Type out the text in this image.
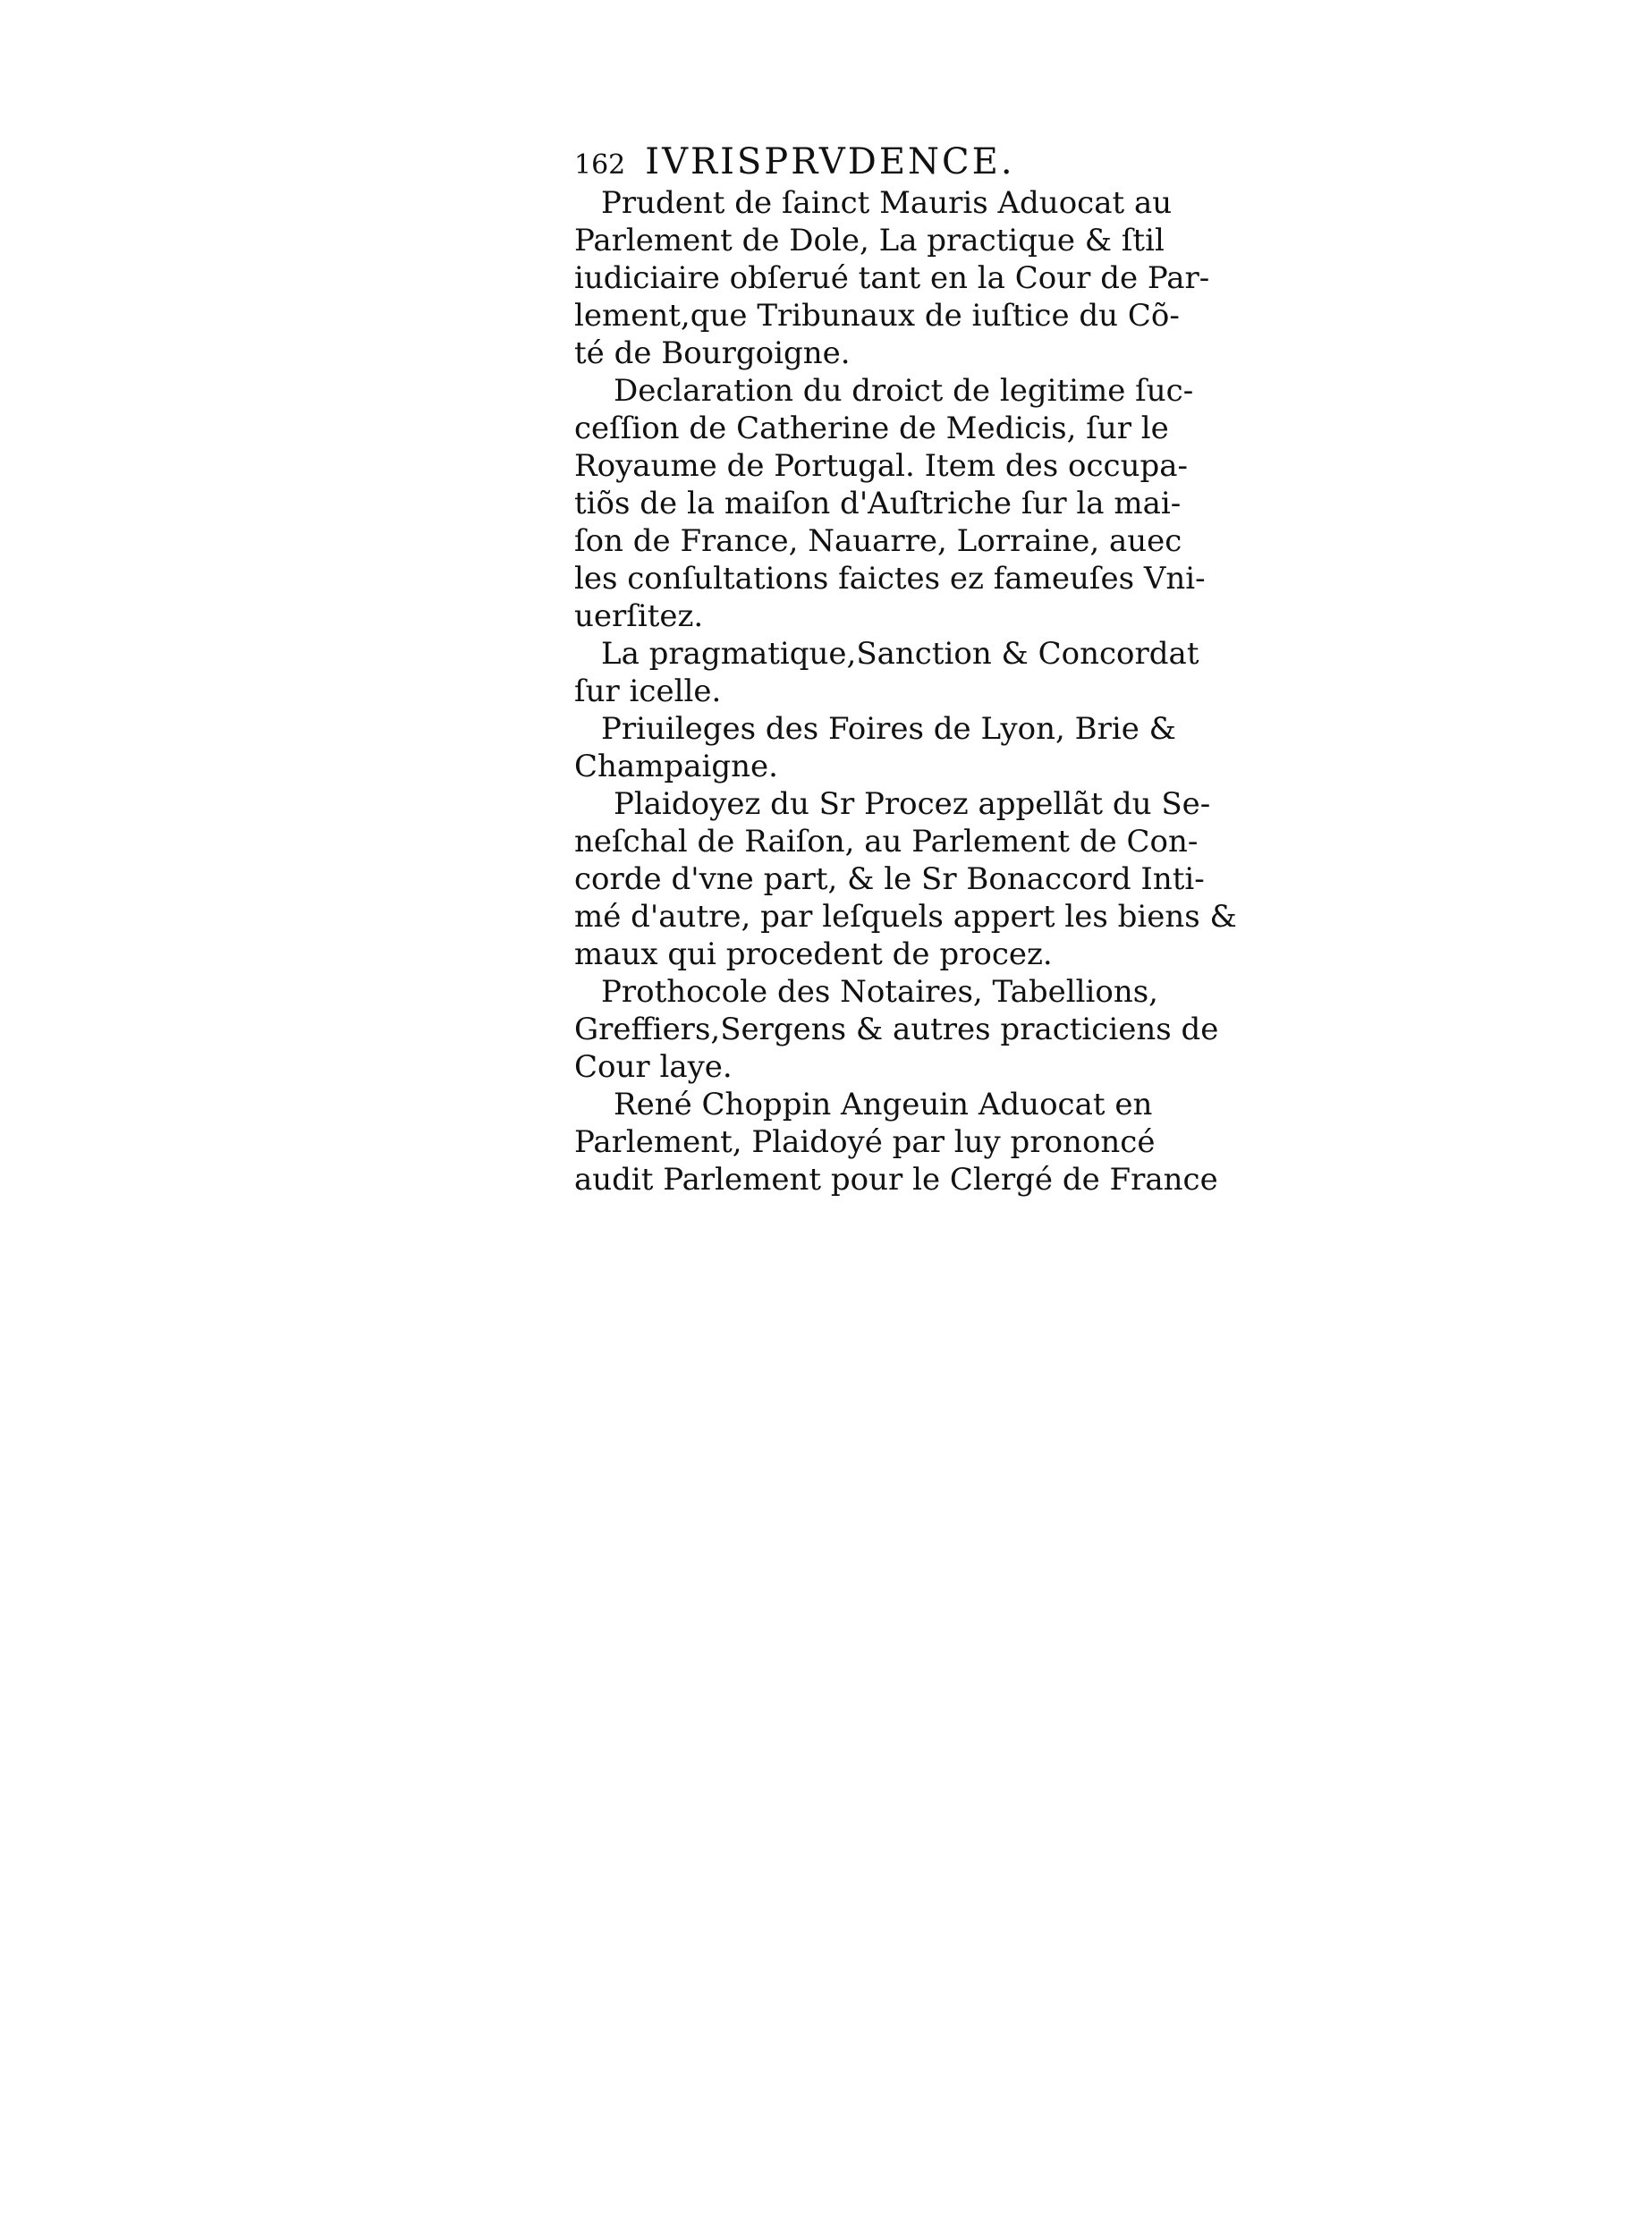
162 IVRISPRVDENCE.
Prudent de ſainct Mauris Aduocat au
Parlement de Dole, La practique & ſtil
iudiciaire obſerué tant en la Cour de Par-
lement,que Tribunaux de iuſtice du Cõ-
té de Bourgoigne.
Declaration du droict de legitime ſuc-
ceſſion de Catherine de Medicis, ſur le
Royaume de Portugal. Item des occupa-
tiõs de la maiſon d'Auſtriche ſur la mai-
ſon de France, Nauarre, Lorraine, auec
les conſultations faictes ez fameuſes Vni-
uerſitez.
La pragmatique,Sanction & Concordat
ſur icelle.
Priuileges des Foires de Lyon, Brie &
Champaigne.
Plaidoyez du Sr Procez appellãt du Se-
neſchal de Raiſon, au Parlement de Con-
corde d'vne part, & le Sr Bonaccord Inti-
mé d'autre, par leſquels appert les biens &
maux qui procedent de procez.
Prothocole des Notaires, Tabellions,
Greffiers,Sergens & autres practiciens de
Cour laye.
René Choppin Angeuin Aduocat en
Parlement, Plaidoyé par luy prononcé
audit Parlement pour le Clergé de France
